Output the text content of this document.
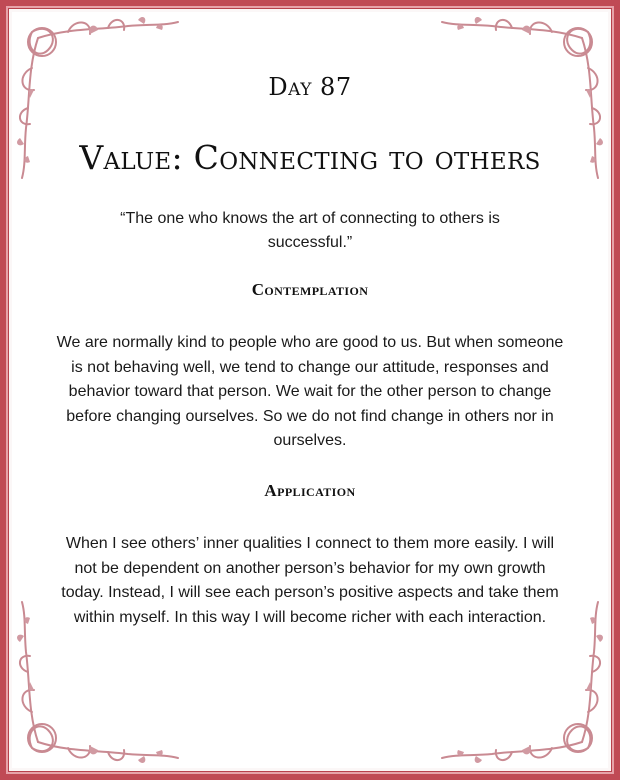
Day 87
Value: Connecting to others
“The one who knows the art of connecting to others is successful.”
Contemplation
We are normally kind to people who are good to us. But when someone is not behaving well, we tend to change our attitude, responses and behavior toward that person. We wait for the other person to change before changing ourselves. So we do not find change in others nor in ourselves.
Application
When I see others’ inner qualities I connect to them more easily. I will not be dependent on another person’s behavior for my own growth today. Instead, I will see each person’s positive aspects and take them within myself. In this way I will become richer with each interaction.
